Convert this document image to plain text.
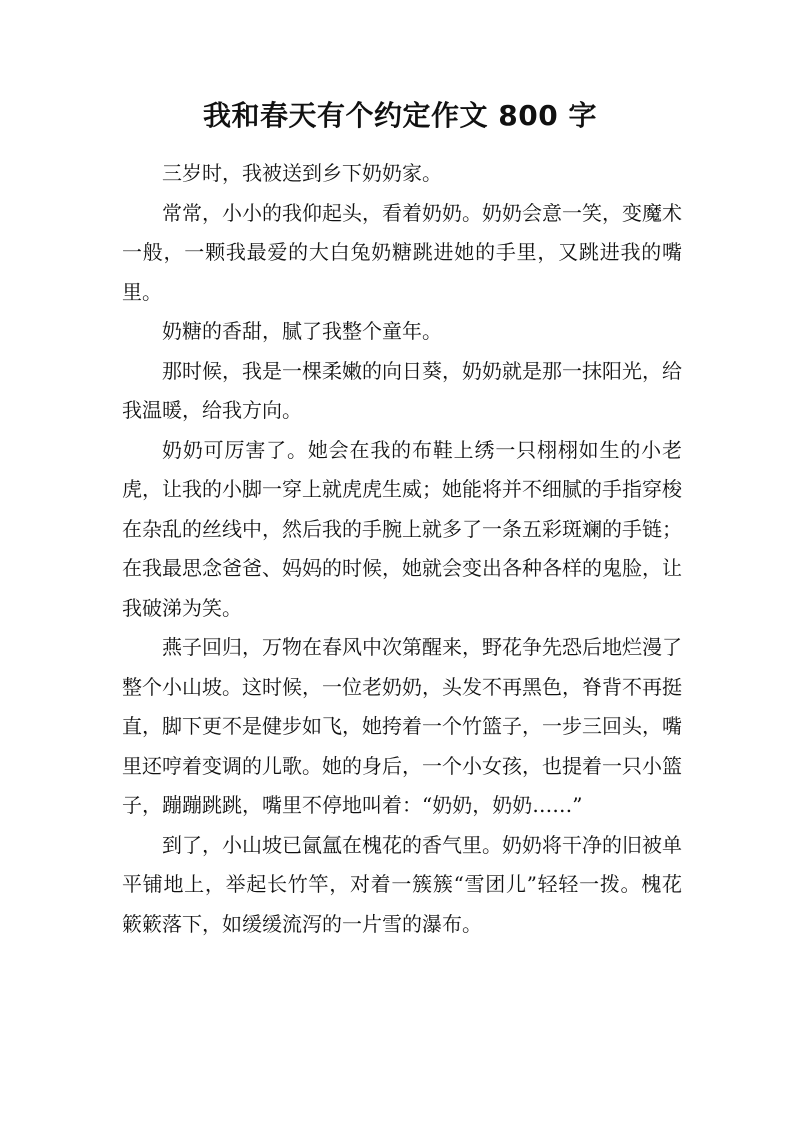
我和春天有个约定作文 800 字

三岁时，我被送到乡下奶奶家。

常常，小小的我仰起头，看着奶奶。奶奶会意一笑，变魔术一般，一颗我最爱的大白兔奶糖跳进她的手里，又跳进我的嘴里。

奶糖的香甜，腻了我整个童年。

那时候，我是一棵柔嫩的向日葵，奶奶就是那一抹阳光，给我温暖，给我方向。

奶奶可厉害了。她会在我的布鞋上绣一只栩栩如生的小老虎，让我的小脚一穿上就虎虎生威；她能将并不细腻的手指穿梭在杂乱的丝线中，然后我的手腕上就多了一条五彩斑斓的手链；在我最思念爸爸、妈妈的时候，她就会变出各种各样的鬼脸，让我破涕为笑。

燕子回归，万物在春风中次第醒来，野花争先恐后地烂漫了整个小山坡。这时候，一位老奶奶，头发不再黑色，脊背不再挺直，脚下更不是健步如飞，她挎着一个竹篮子，一步三回头，嘴里还哼着变调的儿歌。她的身后，一个小女孩，也提着一只小篮子，蹦蹦跳跳，嘴里不停地叫着：“奶奶，奶奶……”

到了，小山坡已氤氲在槐花的香气里。奶奶将干净的旧被单平铺地上，举起长竹竿，对着一簇簇“雪团儿”轻轻一拨。槐花簌簌落下，如缓缓流泻的一片雪的瀑布。
